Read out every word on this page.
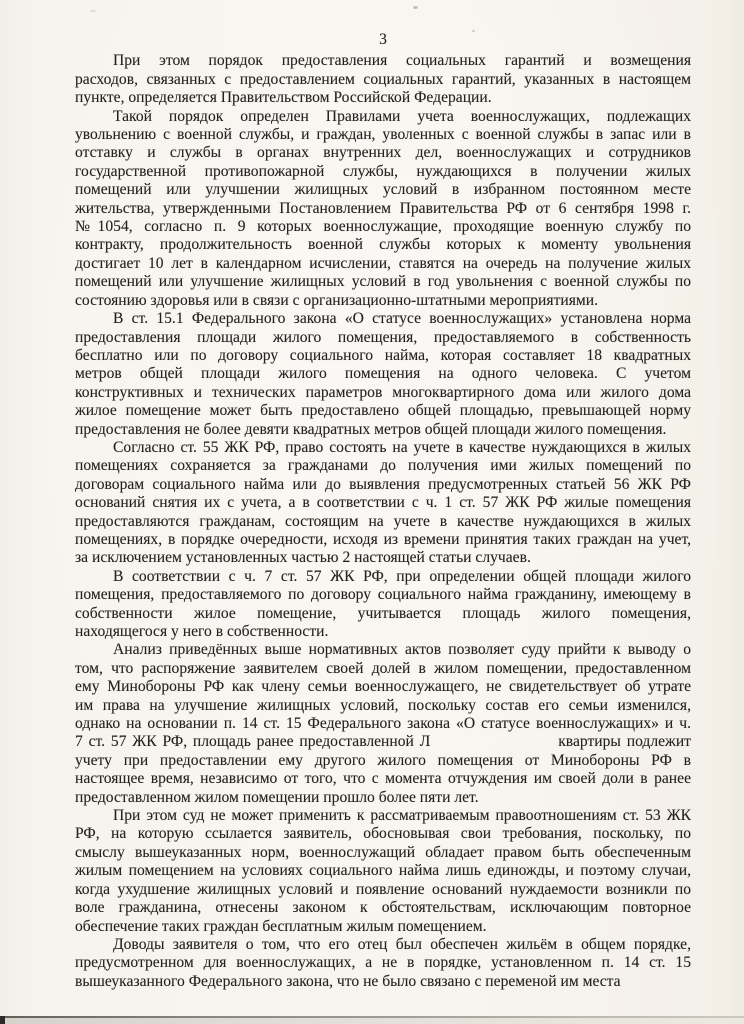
3
При этом порядок предоставления социальных гарантий и возмещения
расходов, связанных с предоставлением социальных гарантий, указанных в настоящем
пункте, определяется Правительством Российской Федерации.
Такой порядок определен Правилами учета военнослужащих, подлежащих
увольнению с военной службы, и граждан, уволенных с военной службы в запас или в
отставку и службы в органах внутренних дел, военнослужащих и сотрудников
государственной противопожарной службы, нуждающихся в получении жилых
помещений или улучшении жилищных условий в избранном постоянном месте
жительства, утвержденными Постановлением Правительства РФ от 6 сентября 1998 г.
№1054, согласно п. 9 которых военнослужащие, проходящие военную службу по
контракту, продолжительность военной службы которых к моменту увольнения
достигает 10 лет в календарном исчислении, ставятся на очередь на получение жилых
помещений или улучшение жилищных условий в год увольнения с военной службы по
состоянию здоровья или в связи с организационно-штатными мероприятиями.
В ст. 15.1 Федерального закона «О статусе военнослужащих» установлена норма
предоставления площади жилого помещения, предоставляемого в собственность
бесплатно или по договору социального найма, которая составляет 18 квадратных
метров общей площади жилого помещения на одного человека. С учетом
конструктивных и технических параметров многоквартирного дома или жилого дома
жилое помещение может быть предоставлено общей площадью, превышающей норму
предоставления не более девяти квадратных метров общей площади жилого помещения.
Согласно ст. 55 ЖК РФ, право состоять на учете в качестве нуждающихся в жилых
помещениях сохраняется за гражданами до получения ими жилых помещений по
договорам социального найма или до выявления предусмотренных статьей 56 ЖК РФ
оснований снятия их с учета, а в соответствии с ч. 1 ст. 57 ЖК РФ жилые помещения
предоставляются гражданам, состоящим на учете в качестве нуждающихся в жилых
помещениях, в порядке очередности, исходя из времени принятия таких граждан на учет,
за исключением установленных частью 2 настоящей статьи случаев.
В соответствии с ч. 7 ст. 57 ЖК РФ, при определении общей площади жилого
помещения, предоставляемого по договору социального найма гражданину, имеющему в
собственности жилое помещение, учитывается площадь жилого помещения,
находящегося у него в собственности.
Анализ приведённых выше нормативных актов позволяет суду прийти к выводу о
том, что распоряжение заявителем своей долей в жилом помещении, предоставленном
ему Минобороны РФ как члену семьи военнослужащего, не свидетельствует об утрате
им права на улучшение жилищных условий, поскольку состав его семьи изменился,
однако на основании п. 14 ст. 15 Федерального закона «О статусе военнослужащих» и ч.
7 ст. 57 ЖК РФ, площадь ранее предоставленной Л                      квартиры подлежит
учету при предоставлении ему другого жилого помещения от Минобороны РФ в
настоящее время, независимо от того, что с момента отчуждения им своей доли в ранее
предоставленном жилом помещении прошло более пяти лет.
При этом суд не может применить к рассматриваемым правоотношениям ст. 53 ЖК
РФ, на которую ссылается заявитель, обосновывая свои требования, поскольку, по
смыслу вышеуказанных норм, военнослужащий обладает правом быть обеспеченным
жилым помещением на условиях социального найма лишь единожды, и поэтому случаи,
когда ухудшение жилищных условий и появление оснований нуждаемости возникли по
воле гражданина, отнесены законом к обстоятельствам, исключающим повторное
обеспечение таких граждан бесплатным жилым помещением.
Доводы заявителя о том, что его отец был обеспечен жильём в общем порядке,
предусмотренном для военнослужащих, а не в порядке, установленном п. 14 ст. 15
вышеуказанного Федерального закона, что не было связано с переменой им места
